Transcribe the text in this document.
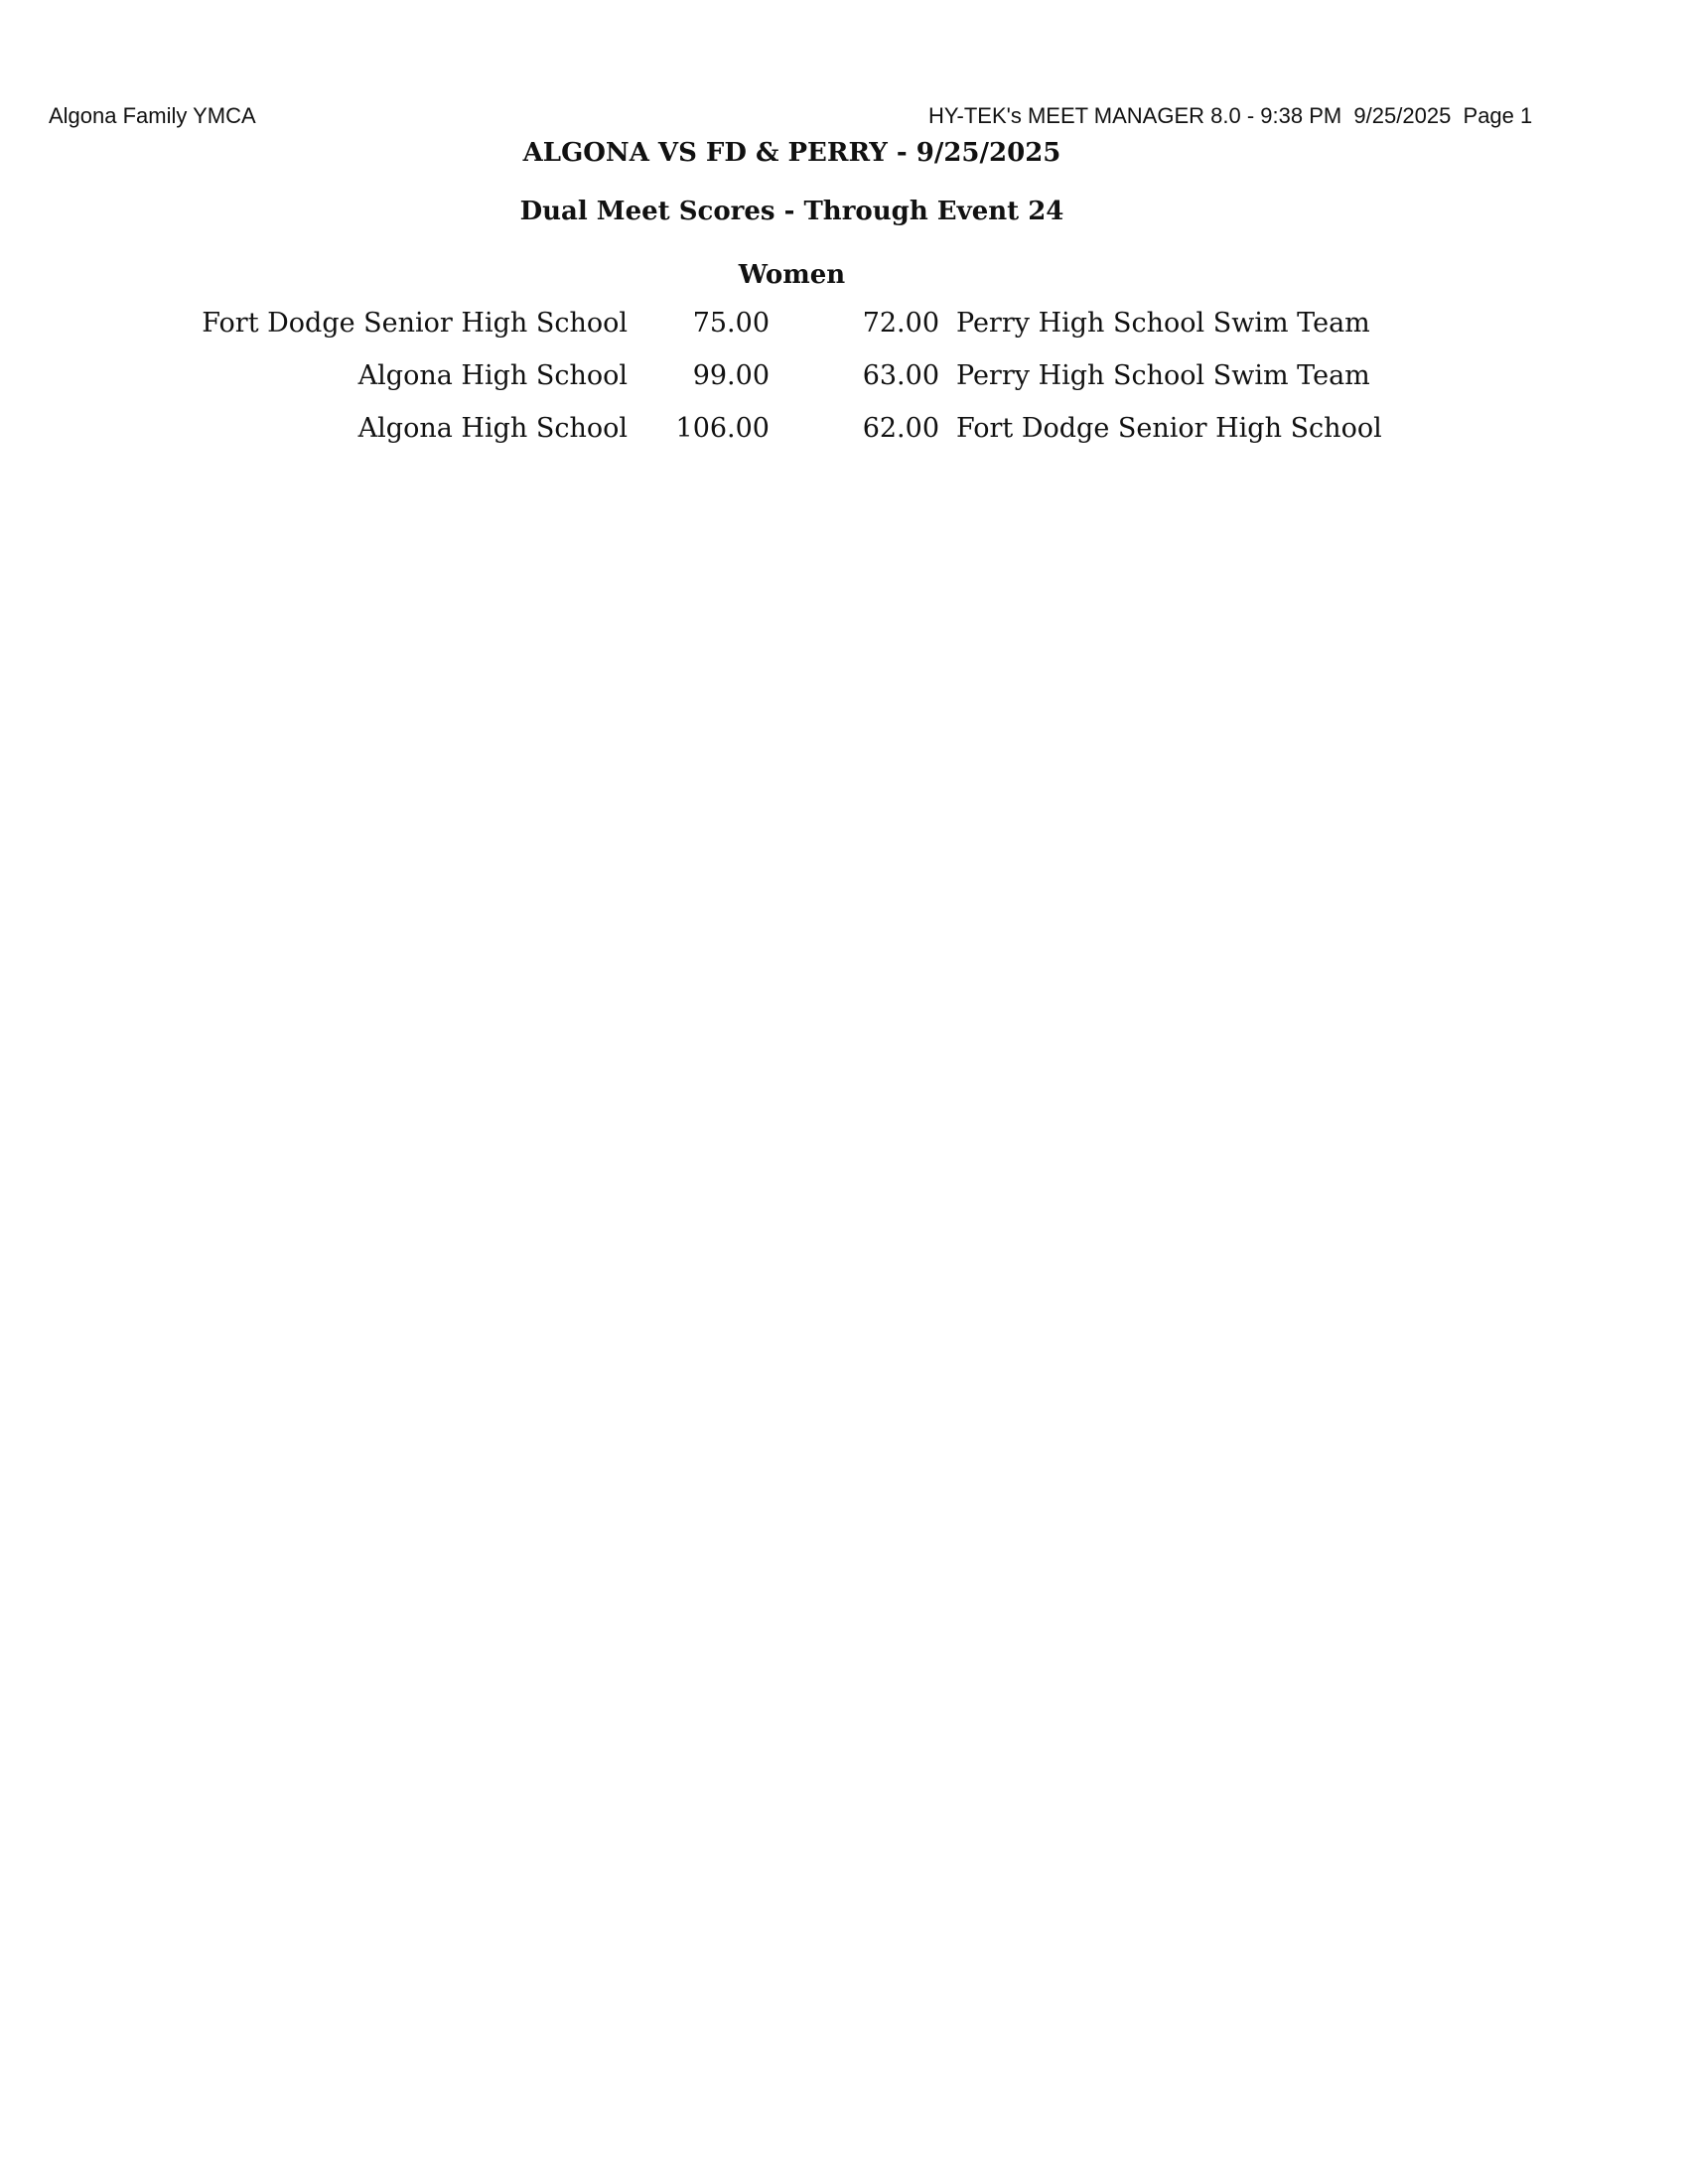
Algona Family YMCA	HY-TEK's MEET MANAGER 8.0 - 9:38 PM  9/25/2025  Page 1
ALGONA VS FD & PERRY - 9/25/2025
Dual Meet Scores - Through Event 24
Women
Fort Dodge Senior High School	75.00	72.00 Perry High School Swim Team
Algona High School	99.00	63.00 Perry High School Swim Team
Algona High School	106.00	62.00 Fort Dodge Senior High School
